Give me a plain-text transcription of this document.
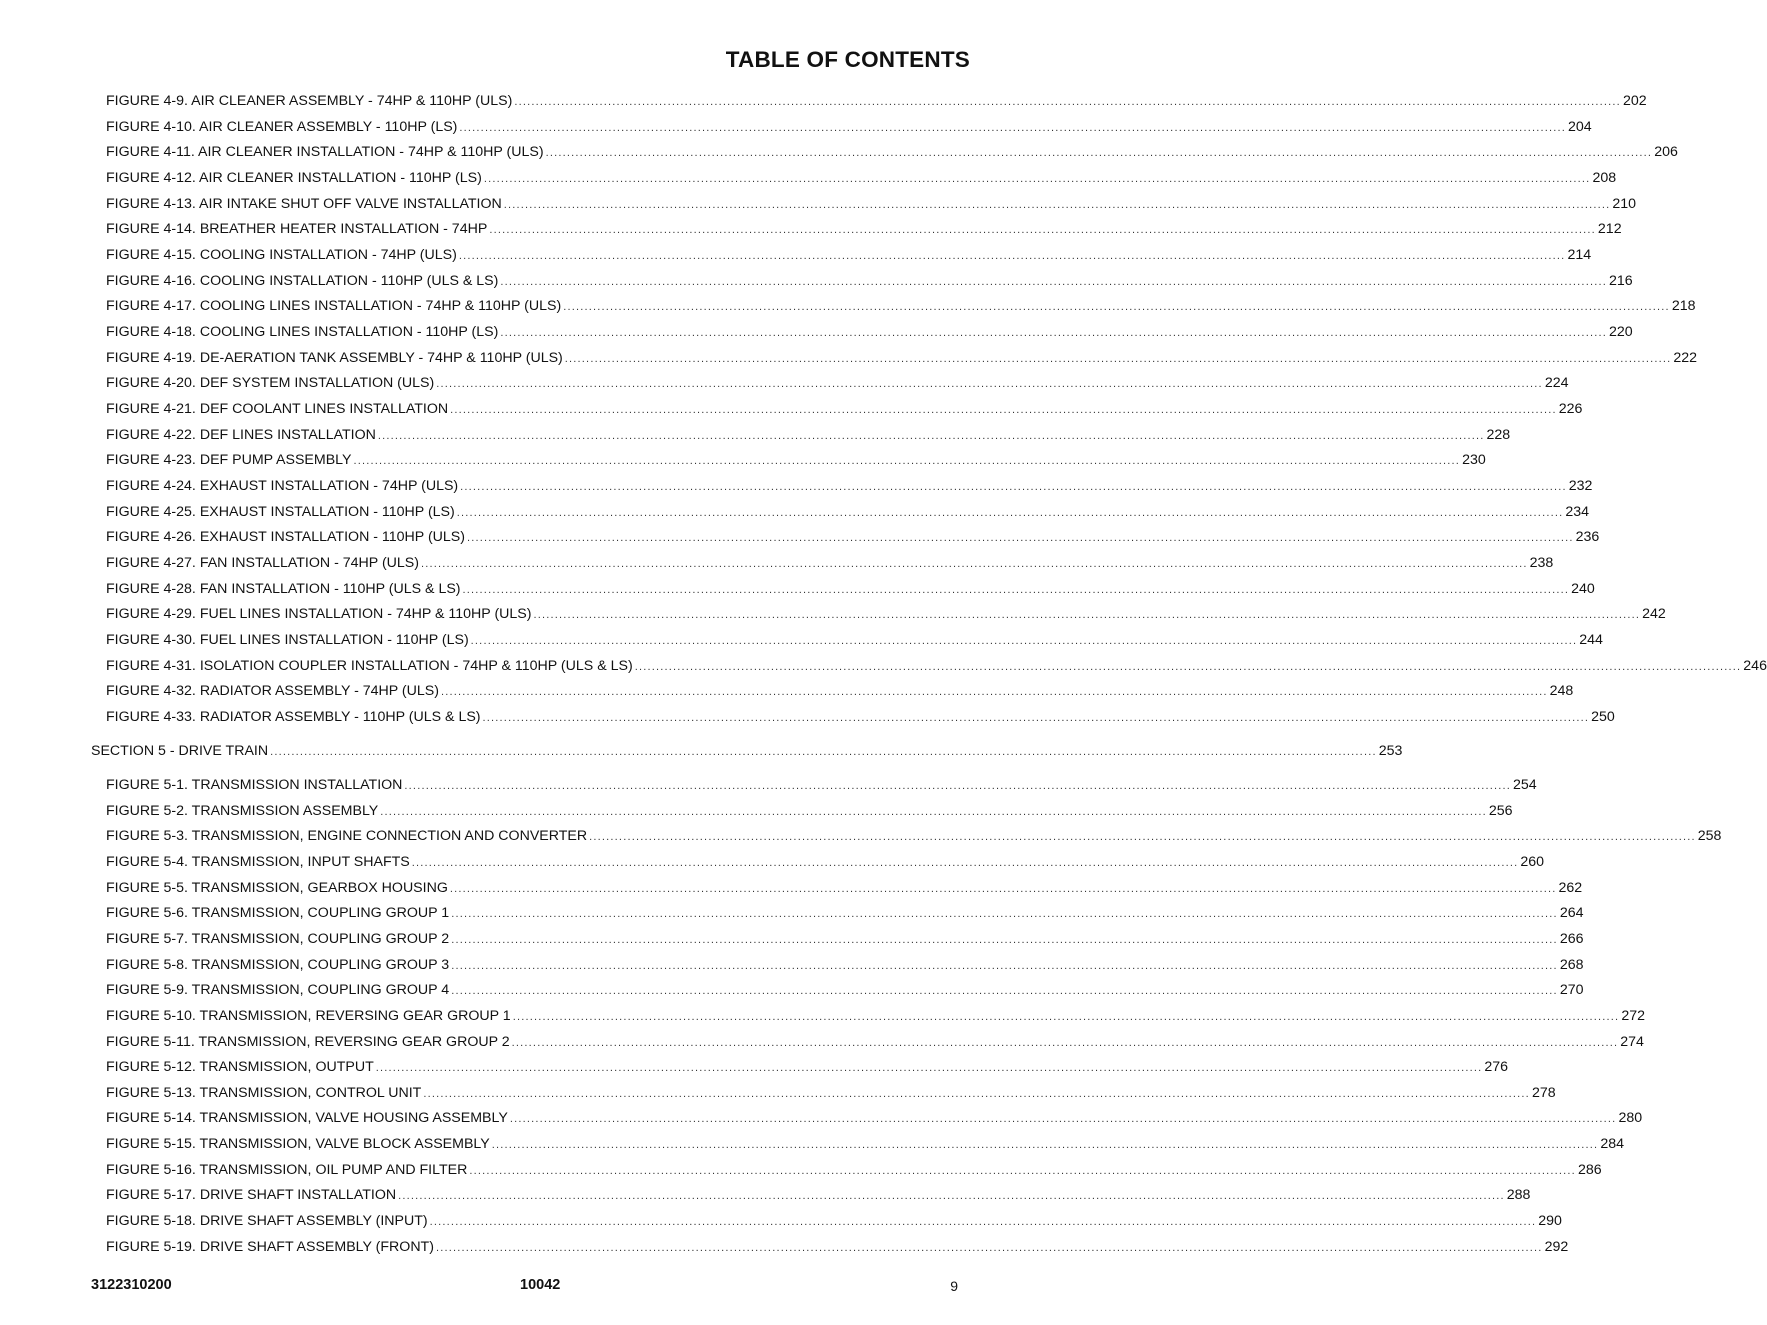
TABLE OF CONTENTS
FIGURE 4-9. AIR CLEANER ASSEMBLY - 74HP & 110HP (ULS) .................................................................................................................................................................................................................................................................... 202
FIGURE 4-10. AIR CLEANER ASSEMBLY - 110HP (LS) .................................................................................................................................................................................................................................................................... 204
FIGURE 4-11. AIR CLEANER INSTALLATION - 74HP & 110HP (ULS) .................................................................................................................................................................................................................................................................... 206
FIGURE 4-12. AIR CLEANER INSTALLATION - 110HP (LS) .................................................................................................................................................................................................................................................................... 208
FIGURE 4-13. AIR INTAKE SHUT OFF VALVE INSTALLATION .................................................................................................................................................................................................................................................................... 210
FIGURE 4-14. BREATHER HEATER INSTALLATION - 74HP .................................................................................................................................................................................................................................................................... 212
FIGURE 4-15. COOLING INSTALLATION - 74HP (ULS) .................................................................................................................................................................................................................................................................... 214
FIGURE 4-16. COOLING INSTALLATION - 110HP (ULS & LS) .................................................................................................................................................................................................................................................................... 216
FIGURE 4-17. COOLING LINES INSTALLATION - 74HP & 110HP (ULS) .................................................................................................................................................................................................................................................................... 218
FIGURE 4-18. COOLING LINES INSTALLATION - 110HP (LS) .................................................................................................................................................................................................................................................................... 220
FIGURE 4-19. DE-AERATION TANK ASSEMBLY - 74HP & 110HP (ULS) .................................................................................................................................................................................................................................................................... 222
FIGURE 4-20. DEF SYSTEM INSTALLATION (ULS) .................................................................................................................................................................................................................................................................... 224
FIGURE 4-21. DEF COOLANT LINES INSTALLATION .................................................................................................................................................................................................................................................................... 226
FIGURE 4-22. DEF LINES INSTALLATION .................................................................................................................................................................................................................................................................... 228
FIGURE 4-23. DEF PUMP ASSEMBLY .................................................................................................................................................................................................................................................................... 230
FIGURE 4-24. EXHAUST INSTALLATION - 74HP (ULS) .................................................................................................................................................................................................................................................................... 232
FIGURE 4-25. EXHAUST INSTALLATION - 110HP (LS) .................................................................................................................................................................................................................................................................... 234
FIGURE 4-26. EXHAUST INSTALLATION - 110HP (ULS) .................................................................................................................................................................................................................................................................... 236
FIGURE 4-27. FAN INSTALLATION - 74HP (ULS) .................................................................................................................................................................................................................................................................... 238
FIGURE 4-28. FAN INSTALLATION - 110HP (ULS & LS) .................................................................................................................................................................................................................................................................... 240
FIGURE 4-29. FUEL LINES INSTALLATION - 74HP & 110HP (ULS) .................................................................................................................................................................................................................................................................... 242
FIGURE 4-30. FUEL LINES INSTALLATION - 110HP (LS) .................................................................................................................................................................................................................................................................... 244
FIGURE 4-31. ISOLATION COUPLER INSTALLATION - 74HP & 110HP (ULS & LS) .................................................................................................................................................................................................................................................................... 246
FIGURE 4-32. RADIATOR ASSEMBLY - 74HP (ULS) .................................................................................................................................................................................................................................................................... 248
FIGURE 4-33. RADIATOR ASSEMBLY - 110HP (ULS & LS) .................................................................................................................................................................................................................................................................... 250
SECTION 5 - DRIVE TRAIN .................................................................................................................................................................................................................................................................... 253
FIGURE 5-1. TRANSMISSION INSTALLATION .................................................................................................................................................................................................................................................................... 254
FIGURE 5-2. TRANSMISSION ASSEMBLY .................................................................................................................................................................................................................................................................... 256
FIGURE 5-3. TRANSMISSION, ENGINE CONNECTION AND CONVERTER .................................................................................................................................................................................................................................................................... 258
FIGURE 5-4. TRANSMISSION, INPUT SHAFTS .................................................................................................................................................................................................................................................................... 260
FIGURE 5-5. TRANSMISSION, GEARBOX HOUSING .................................................................................................................................................................................................................................................................... 262
FIGURE 5-6. TRANSMISSION, COUPLING GROUP 1 .................................................................................................................................................................................................................................................................... 264
FIGURE 5-7. TRANSMISSION, COUPLING GROUP 2 .................................................................................................................................................................................................................................................................... 266
FIGURE 5-8. TRANSMISSION, COUPLING GROUP 3 .................................................................................................................................................................................................................................................................... 268
FIGURE 5-9. TRANSMISSION, COUPLING GROUP 4 .................................................................................................................................................................................................................................................................... 270
FIGURE 5-10. TRANSMISSION, REVERSING GEAR GROUP 1 .................................................................................................................................................................................................................................................................... 272
FIGURE 5-11. TRANSMISSION, REVERSING GEAR GROUP 2 .................................................................................................................................................................................................................................................................... 274
FIGURE 5-12. TRANSMISSION, OUTPUT .................................................................................................................................................................................................................................................................... 276
FIGURE 5-13. TRANSMISSION, CONTROL UNIT .................................................................................................................................................................................................................................................................... 278
FIGURE 5-14. TRANSMISSION, VALVE HOUSING ASSEMBLY .................................................................................................................................................................................................................................................................... 280
FIGURE 5-15. TRANSMISSION, VALVE BLOCK ASSEMBLY .................................................................................................................................................................................................................................................................... 284
FIGURE 5-16. TRANSMISSION, OIL PUMP AND FILTER .................................................................................................................................................................................................................................................................... 286
FIGURE 5-17. DRIVE SHAFT INSTALLATION .................................................................................................................................................................................................................................................................... 288
FIGURE 5-18. DRIVE SHAFT ASSEMBLY (INPUT) .................................................................................................................................................................................................................................................................... 290
FIGURE 5-19. DRIVE SHAFT ASSEMBLY (FRONT) .................................................................................................................................................................................................................................................................... 292
3122310200	10042	9
